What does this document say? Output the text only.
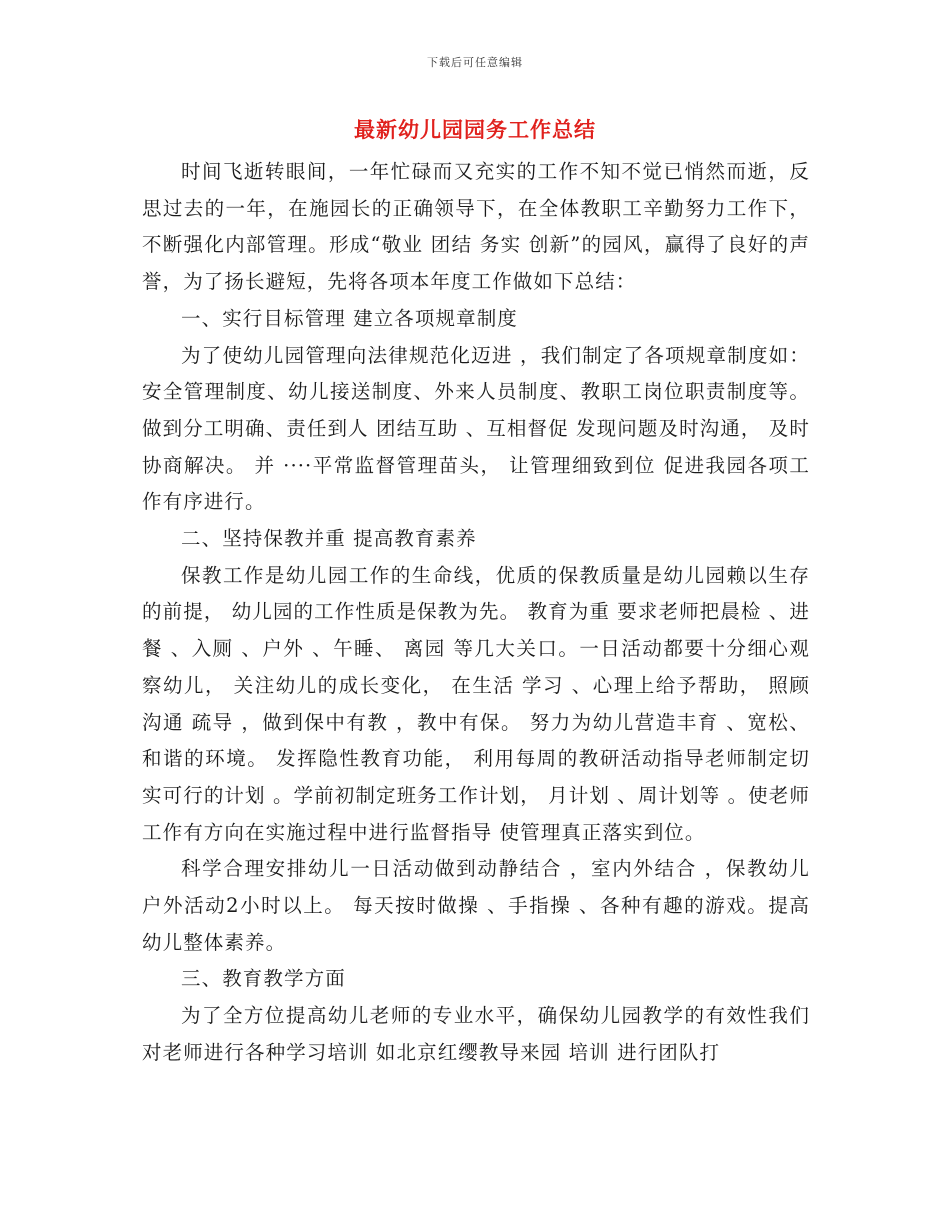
下载后可任意编辑
最新幼儿园园务工作总结

时间飞逝转眼间，一年忙碌而又充实的工作不知不觉已悄然而逝，反思过去的一年，在施园长的正确领导下，在全体教职工辛勤努力工作下，不断强化内部管理。形成“敬业 团结 务实 创新”的园风，赢得了良好的声誉，为了扬长避短，先将各项本年度工作做如下总结：

一、实行目标管理 建立各项规章制度

为了使幼儿园管理向法律规范化迈进 ，我们制定了各项规章制度如：安全管理制度、幼儿接送制度、外来人员制度、教职工岗位职责制度等。做到分工明确、责任到人 团结互助 、互相督促 发现问题及时沟通， 及时协商解决。 并 ····平常监督管理苗头， 让管理细致到位 促进我园各项工作有序进行。

二、坚持保教并重 提高教育素养

保教工作是幼儿园工作的生命线，优质的保教质量是幼儿园赖以生存的前提， 幼儿园的工作性质是保教为先。 教育为重 要求老师把晨检 、进餐 、入厕 、户外 、午睡、 离园 等几大关口。一日活动都要十分细心观察幼儿， 关注幼儿的成长变化， 在生活 学习 、心理上给予帮助， 照顾沟通 疏导 ，做到保中有教 ，教中有保。 努力为幼儿营造丰育 、宽松、和谐的环境。 发挥隐性教育功能， 利用每周的教研活动指导老师制定切实可行的计划 。学前初制定班务工作计划， 月计划 、周计划等 。使老师工作有方向在实施过程中进行监督指导 使管理真正落实到位。

科学合理安排幼儿一日活动做到动静结合 ，室内外结合 ，保教幼儿户外活动2小时以上。 每天按时做操 、手指操 、各种有趣的游戏。提高幼儿整体素养。

三、教育教学方面

为了全方位提高幼儿老师的专业水平，确保幼儿园教学的有效性我们对老师进行各种学习培训 如北京红缨教导来园 培训 进行团队打
